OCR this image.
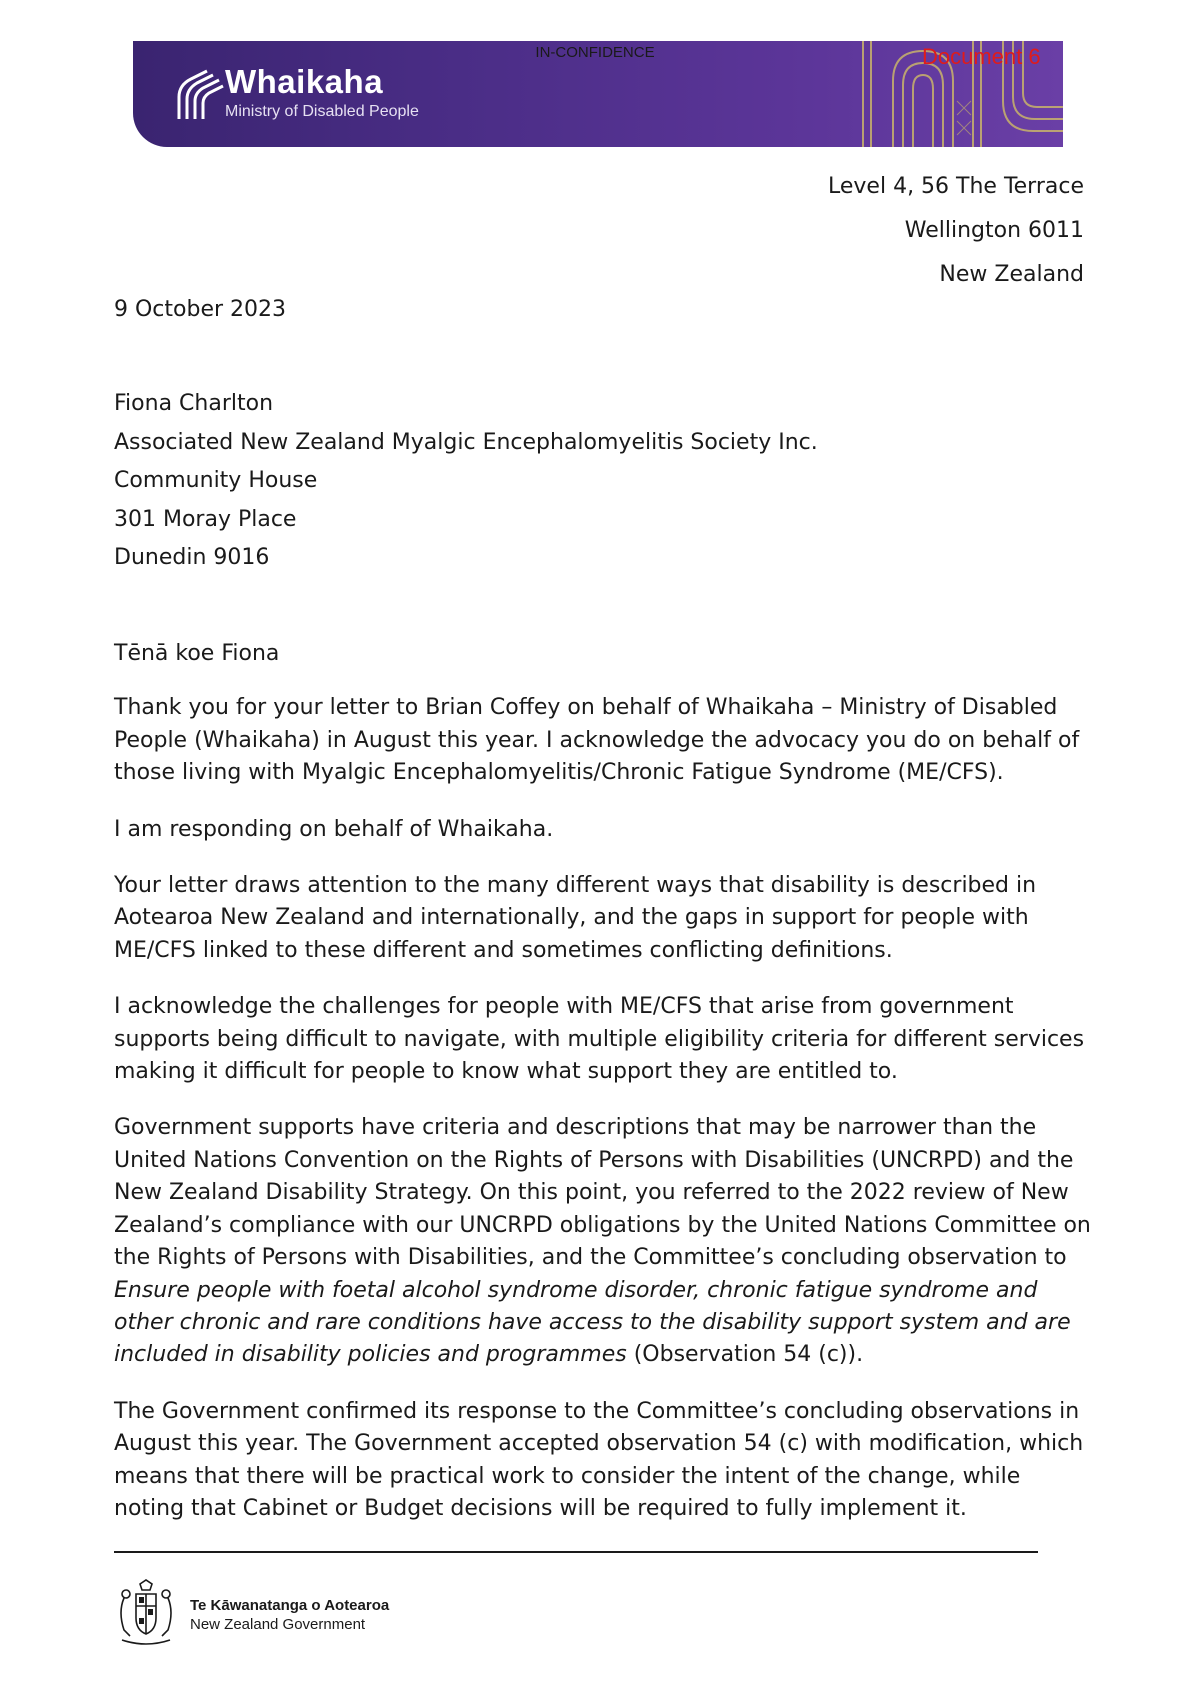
Whaikaha
Ministry of Disabled People
IN-CONFIDENCE	Document 6
Level 4, 56 The Terrace
Wellington 6011
New Zealand
9 October 2023
Fiona Charlton
Associated New Zealand Myalgic Encephalomyelitis Society Inc.
Community House
301 Moray Place
Dunedin 9016

Tēnā koe Fiona

Thank you for your letter to Brian Coffey on behalf of Whaikaha – Ministry of Disabled People (Whaikaha) in August this year. I acknowledge the advocacy you do on behalf of those living with Myalgic Encephalomyelitis/Chronic Fatigue Syndrome (ME/CFS).

I am responding on behalf of Whaikaha.

Your letter draws attention to the many different ways that disability is described in Aotearoa New Zealand and internationally, and the gaps in support for people with ME/CFS linked to these different and sometimes conflicting definitions.

I acknowledge the challenges for people with ME/CFS that arise from government supports being difficult to navigate, with multiple eligibility criteria for different services making it difficult for people to know what support they are entitled to.

Government supports have criteria and descriptions that may be narrower than the United Nations Convention on the Rights of Persons with Disabilities (UNCRPD) and the New Zealand Disability Strategy. On this point, you referred to the 2022 review of New Zealand’s compliance with our UNCRPD obligations by the United Nations Committee on the Rights of Persons with Disabilities, and the Committee’s concluding observation to Ensure people with foetal alcohol syndrome disorder, chronic fatigue syndrome and other chronic and rare conditions have access to the disability support system and are included in disability policies and programmes (Observation 54 (c)).

The Government confirmed its response to the Committee’s concluding observations in August this year. The Government accepted observation 54 (c) with modification, which means that there will be practical work to consider the intent of the change, while noting that Cabinet or Budget decisions will be required to fully implement it.

Te Kāwanatanga o Aotearoa
New Zealand Government
